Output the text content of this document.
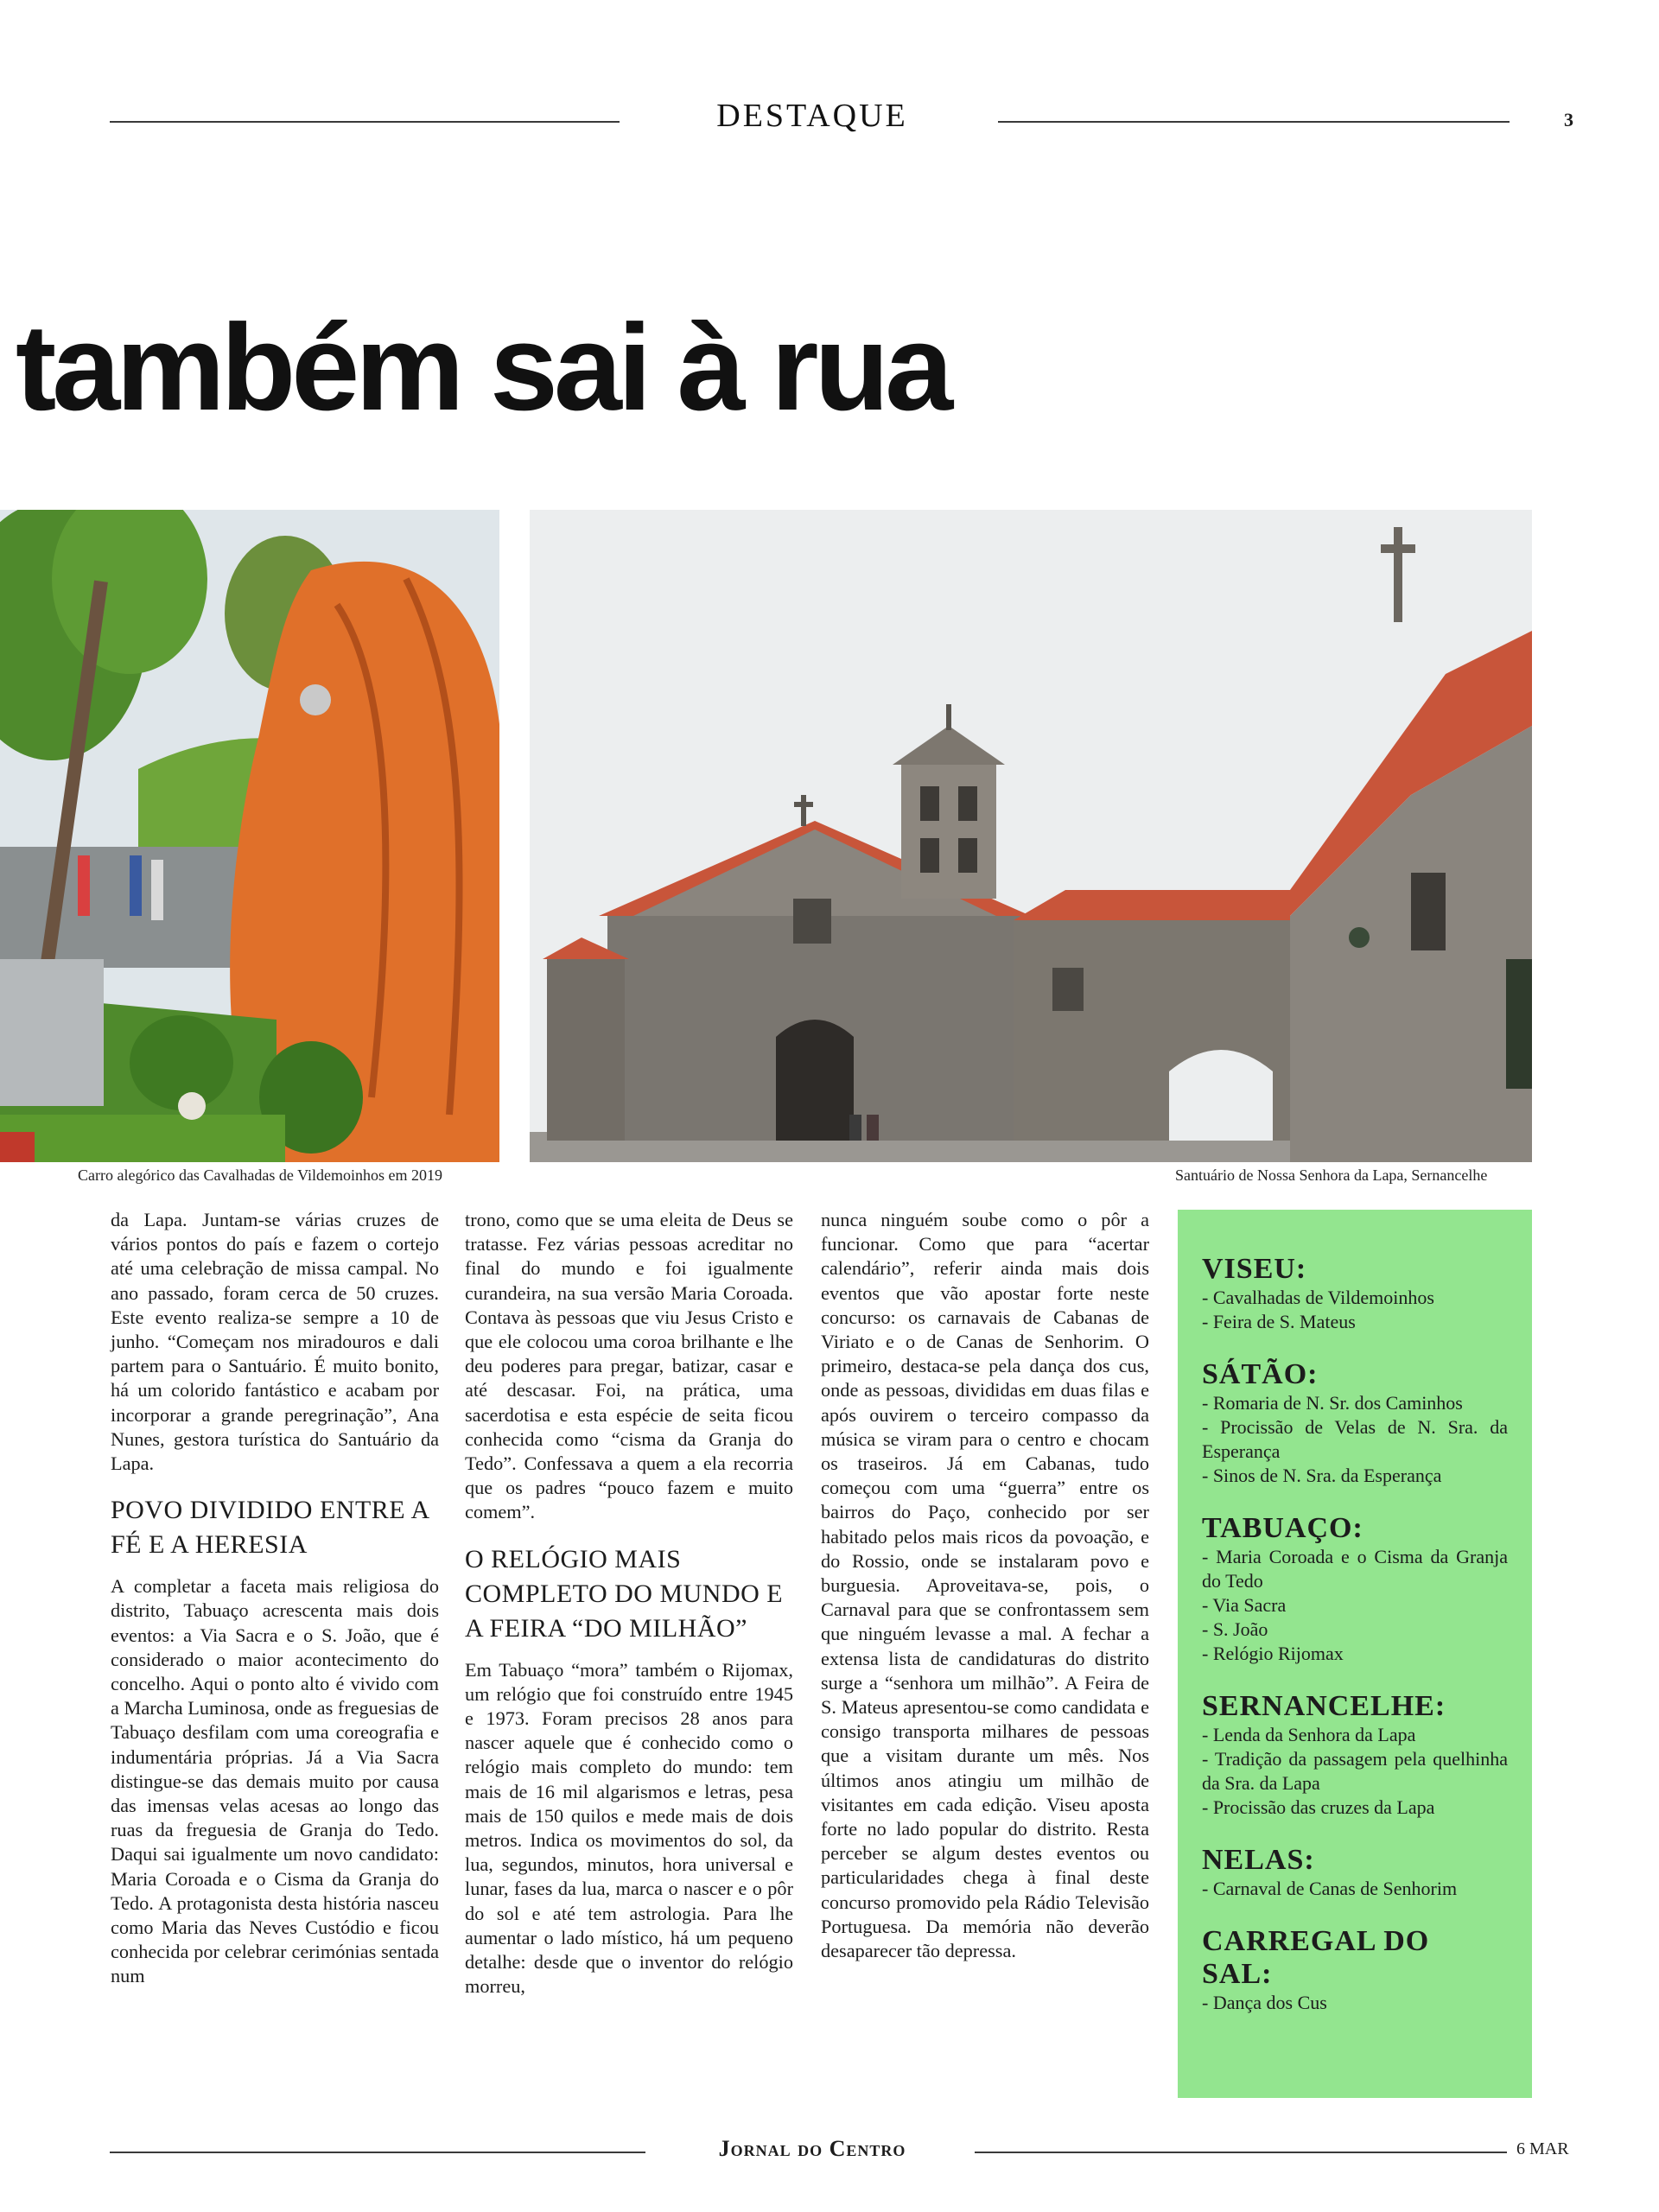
DESTAQUE	3
também sai à rua
Carro alegórico das Cavalhadas de Vildemoinhos em 2019	Santuário de Nossa Senhora da Lapa, Sernancelhe

da Lapa. Juntam-se várias cruzes de vários pontos do país e fazem o cortejo até uma celebração de missa campal. No ano passado, foram cerca de 50 cruzes. Este evento realiza-se sempre a 10 de junho. “Começam nos miradouros e dali partem para o Santuário. É muito bonito, há um colorido fantástico e acabam por incorporar a grande peregrinação”, Ana Nunes, gestora turística do Santuário da Lapa.

POVO DIVIDIDO ENTRE A FÉ E A HERESIA

A completar a faceta mais religiosa do distrito, Tabuaço acrescenta mais dois eventos: a Via Sacra e o S. João, que é considerado o maior acontecimento do concelho. Aqui o ponto alto é vivido com a Marcha Luminosa, onde as freguesias de Tabuaço desfilam com uma coreografia e indumentária próprias. Já a Via Sacra distingue-se das demais muito por causa das imensas velas acesas ao longo das ruas da freguesia de Granja do Tedo. Daqui sai igualmente um novo candidato: Maria Coroada e o Cisma da Granja do Tedo. A protagonista desta história nasceu como Maria das Neves Custódio e ficou conhecida por celebrar cerimónias sentada num

trono, como que se uma eleita de Deus se tratasse. Fez várias pessoas acreditar no final do mundo e foi igualmente curandeira, na sua versão Maria Coroada. Contava às pessoas que viu Jesus Cristo e que ele colocou uma coroa brilhante e lhe deu poderes para pregar, batizar, casar e até descasar. Foi, na prática, uma sacerdotisa e esta espécie de seita ficou conhecida como “cisma da Granja do Tedo”. Confessava a quem a ela recorria que os padres “pouco fazem e muito comem”.

O RELÓGIO MAIS COMPLETO DO MUNDO E A FEIRA “DO MILHÃO”

Em Tabuaço “mora” também o Rijomax, um relógio que foi construído entre 1945 e 1973. Foram precisos 28 anos para nascer aquele que é conhecido como o relógio mais completo do mundo: tem mais de 16 mil algarismos e letras, pesa mais de 150 quilos e mede mais de dois metros. Indica os movimentos do sol, da lua, segundos, minutos, hora universal e lunar, fases da lua, marca o nascer e o pôr do sol e até tem astrologia. Para lhe aumentar o lado místico, há um pequeno detalhe: desde que o inventor do relógio morreu,

nunca ninguém soube como o pôr a funcionar. Como que para “acertar calendário”, referir ainda mais dois eventos que vão apostar forte neste concurso: os carnavais de Cabanas de Viriato e o de Canas de Senhorim. O primeiro, destaca-se pela dança dos cus, onde as pessoas, divididas em duas filas e após ouvirem o terceiro compasso da música se viram para o centro e chocam os traseiros. Já em Cabanas, tudo começou com uma “guerra” entre os bairros do Paço, conhecido por ser habitado pelos mais ricos da povoação, e do Rossio, onde se instalaram povo e burguesia. Aproveitava-se, pois, o Carnaval para que se confrontassem sem que ninguém levasse a mal. A fechar a extensa lista de candidaturas do distrito surge a “senhora um milhão”. A Feira de S. Mateus apresentou-se como candidata e consigo transporta milhares de pessoas que a visitam durante um mês. Nos últimos anos atingiu um milhão de visitantes em cada edição. Viseu aposta forte no lado popular do distrito. Resta perceber se algum destes eventos ou particularidades chega à final deste concurso promovido pela Rádio Televisão Portuguesa. Da memória não deverão desaparecer tão depressa.

VISEU:
- Cavalhadas de Vildemoinhos
- Feira de S. Mateus
SÁTÃO:
- Romaria de N. Sr. dos Caminhos
- Procissão de Velas de N. Sra. da Esperança
- Sinos de N. Sra. da Esperança
TABUAÇO:
- Maria Coroada e o Cisma da Granja do Tedo
- Via Sacra
- S. João
- Relógio Rijomax
SERNANCELHE:
- Lenda da Senhora da Lapa
- Tradição da passagem pela quelhinha da Sra. da Lapa
- Procissão das cruzes da Lapa
NELAS:
- Carnaval de Canas de Senhorim
CARREGAL DO SAL:
- Dança dos Cus
Jornal do Centro	6 MAR
